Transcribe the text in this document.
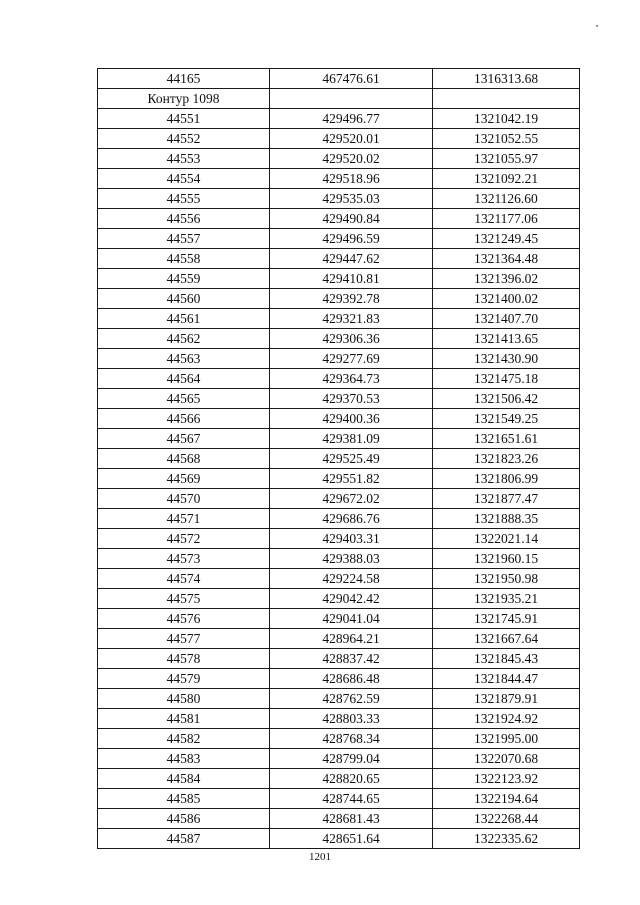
44165	467476.61	1316313.68
Контур 1098		
44551	429496.77	1321042.19
44552	429520.01	1321052.55
44553	429520.02	1321055.97
44554	429518.96	1321092.21
44555	429535.03	1321126.60
44556	429490.84	1321177.06
44557	429496.59	1321249.45
44558	429447.62	1321364.48
44559	429410.81	1321396.02
44560	429392.78	1321400.02
44561	429321.83	1321407.70
44562	429306.36	1321413.65
44563	429277.69	1321430.90
44564	429364.73	1321475.18
44565	429370.53	1321506.42
44566	429400.36	1321549.25
44567	429381.09	1321651.61
44568	429525.49	1321823.26
44569	429551.82	1321806.99
44570	429672.02	1321877.47
44571	429686.76	1321888.35
44572	429403.31	1322021.14
44573	429388.03	1321960.15
44574	429224.58	1321950.98
44575	429042.42	1321935.21
44576	429041.04	1321745.91
44577	428964.21	1321667.64
44578	428837.42	1321845.43
44579	428686.48	1321844.47
44580	428762.59	1321879.91
44581	428803.33	1321924.92
44582	428768.34	1321995.00
44583	428799.04	1322070.68
44584	428820.65	1322123.92
44585	428744.65	1322194.64
44586	428681.43	1322268.44
44587	428651.64	1322335.62
1201
